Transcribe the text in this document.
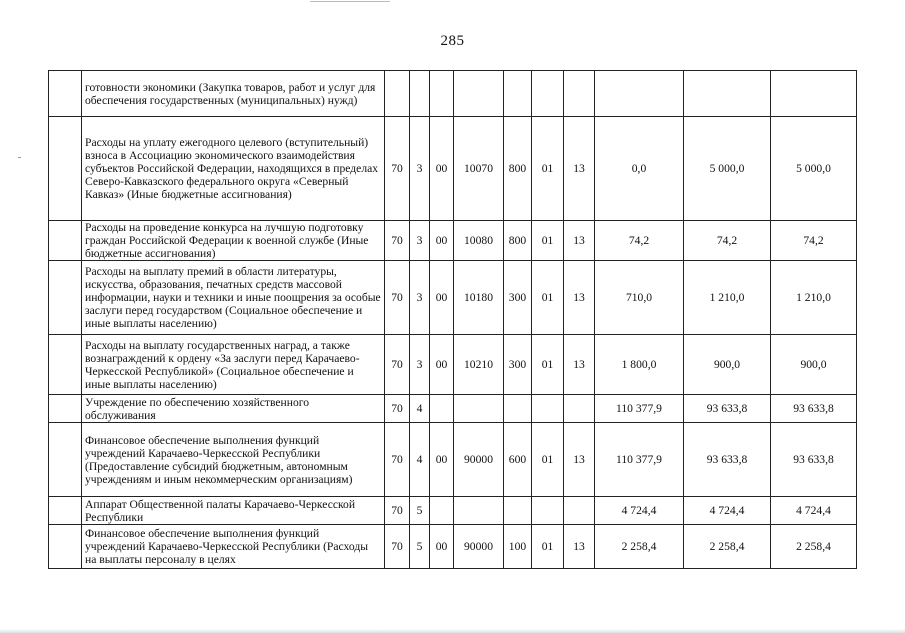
285
	готовности экономики (Закупка товаров, работ и услуг для обеспечения государственных (муниципальных) нужд)										
	Расходы на уплату ежегодного целевого (вступительный) взноса в Ассоциацию экономического взаимодействия субъектов Российской Федерации, находящихся в пределах Северо-Кавказского федерального округа «Северный Кавказ» (Иные бюджетные ассигнования)	70	3	00	10070	800	01	13	0,0	5 000,0	5 000,0
	Расходы на проведение конкурса на лучшую подготовку граждан Российской Федерации к военной службе (Иные бюджетные ассигнования)	70	3	00	10080	800	01	13	74,2	74,2	74,2
	Расходы на выплату премий в области литературы, искусства, образования, печатных средств массовой информации, науки и техники и иные поощрения за особые заслуги перед государством (Социальное обеспечение и иные выплаты населению)	70	3	00	10180	300	01	13	710,0	1 210,0	1 210,0
	Расходы на выплату государственных наград, а также вознаграждений к ордену «За заслуги перед Карачаево-Черкесской Республикой» (Социальное обеспечение и иные выплаты населению)	70	3	00	10210	300	01	13	1 800,0	900,0	900,0
	Учреждение по обеспечению хозяйственного обслуживания	70	4						110 377,9	93 633,8	93 633,8
	Финансовое обеспечение выполнения функций учреждений Карачаево-Черкесской Республики (Предоставление субсидий бюджетным, автономным учреждениям и иным некоммерческим организациям)	70	4	00	90000	600	01	13	110 377,9	93 633,8	93 633,8
	Аппарат Общественной палаты Карачаево-Черкесской Республики	70	5						4 724,4	4 724,4	4 724,4
	Финансовое обеспечение выполнения функций учреждений Карачаево-Черкесской Республики (Расходы на выплаты персоналу в целях	70	5	00	90000	100	01	13	2 258,4	2 258,4	2 258,4
